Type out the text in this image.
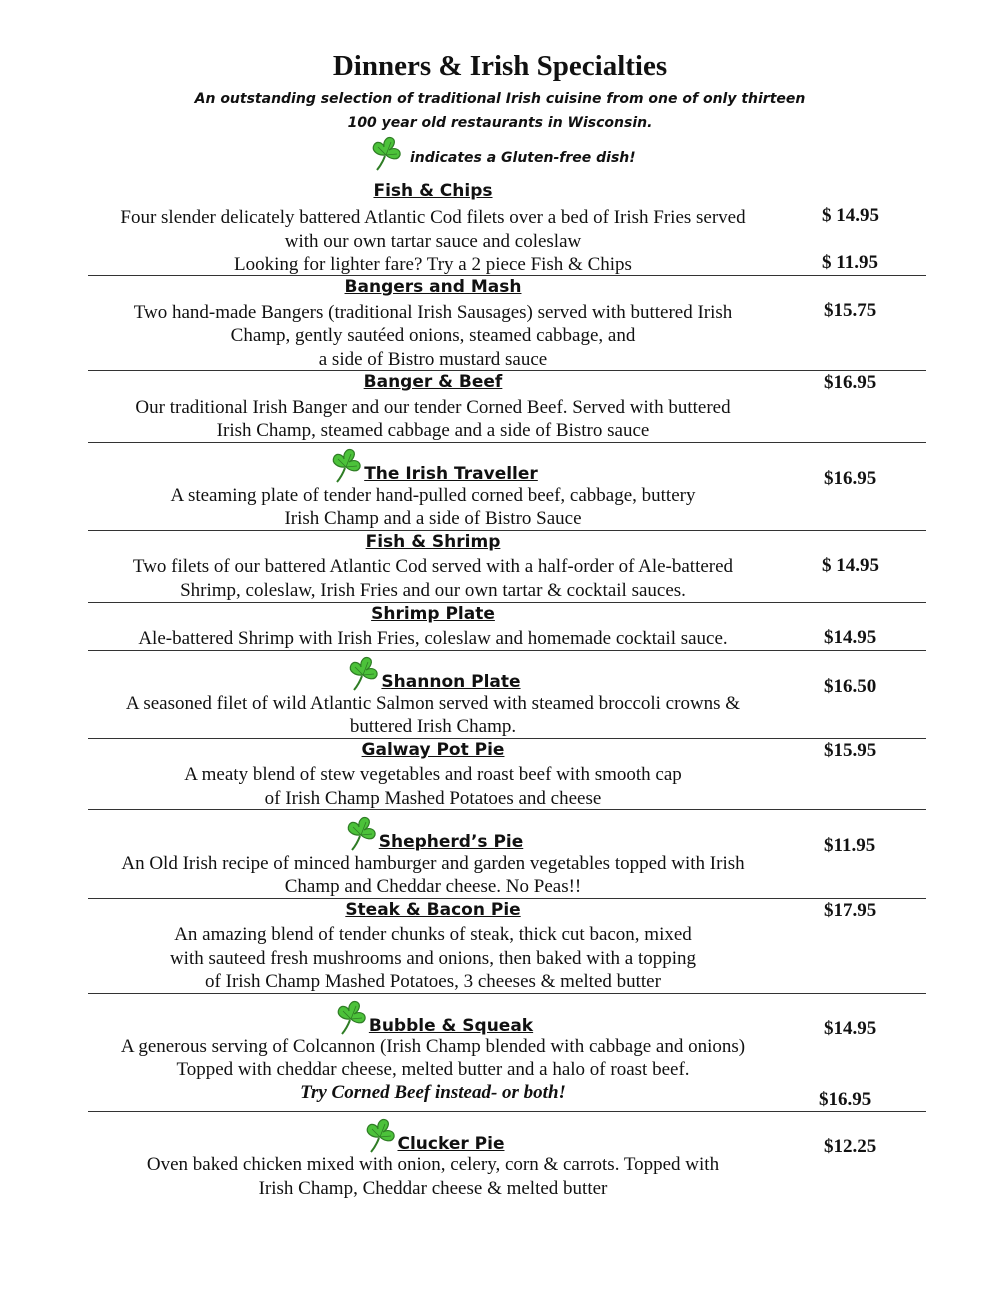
Dinners & Irish Specialties
An outstanding selection of traditional Irish cuisine from one of only thirteen
100 year old restaurants in Wisconsin.
indicates a Gluten-free dish!
Fish & Chips
Four slender delicately battered Atlantic Cod filets over a bed of Irish Fries served
with our own tartar sauce and coleslaw
Looking for lighter fare? Try a 2 piece Fish & Chips
$ 14.95
$ 11.95
Bangers and Mash
Two hand-made Bangers (traditional Irish Sausages) served with buttered Irish
Champ, gently sautéed onions, steamed cabbage, and
a side of Bistro mustard sauce
$15.75
Banger & Beef
Our traditional Irish Banger and our tender Corned Beef. Served with buttered
Irish Champ, steamed cabbage and a side of Bistro sauce
$16.95
The Irish Traveller
A steaming plate of tender hand-pulled corned beef, cabbage, buttery
Irish Champ and a side of Bistro Sauce
$16.95
Fish & Shrimp
Two filets of our battered Atlantic Cod served with a half-order of Ale-battered
Shrimp, coleslaw, Irish Fries and our own tartar & cocktail sauces.
$ 14.95
Shrimp Plate
Ale-battered Shrimp with Irish Fries, coleslaw and homemade cocktail sauce.	$14.95
Shannon Plate
A seasoned filet of wild Atlantic Salmon served with steamed broccoli crowns &
buttered Irish Champ.
$16.50
Galway Pot Pie
A meaty blend of stew vegetables and roast beef with smooth cap
of Irish Champ Mashed Potatoes and cheese
$15.95
Shepherd’s Pie
An Old Irish recipe of minced hamburger and garden vegetables topped with Irish
Champ and Cheddar cheese. No Peas!!
$11.95
Steak & Bacon Pie
An amazing blend of tender chunks of steak, thick cut bacon, mixed
with sauteed fresh mushrooms and onions, then baked with a topping
of Irish Champ Mashed Potatoes, 3 cheeses & melted butter
$17.95
Bubble & Squeak
A generous serving of Colcannon (Irish Champ blended with cabbage and onions)
Topped with cheddar cheese, melted butter and a halo of roast beef.
Try Corned Beef instead- or both!
$14.95
$16.95
Clucker Pie
Oven baked chicken mixed with onion, celery, corn & carrots. Topped with
Irish Champ, Cheddar cheese & melted butter
$12.25
